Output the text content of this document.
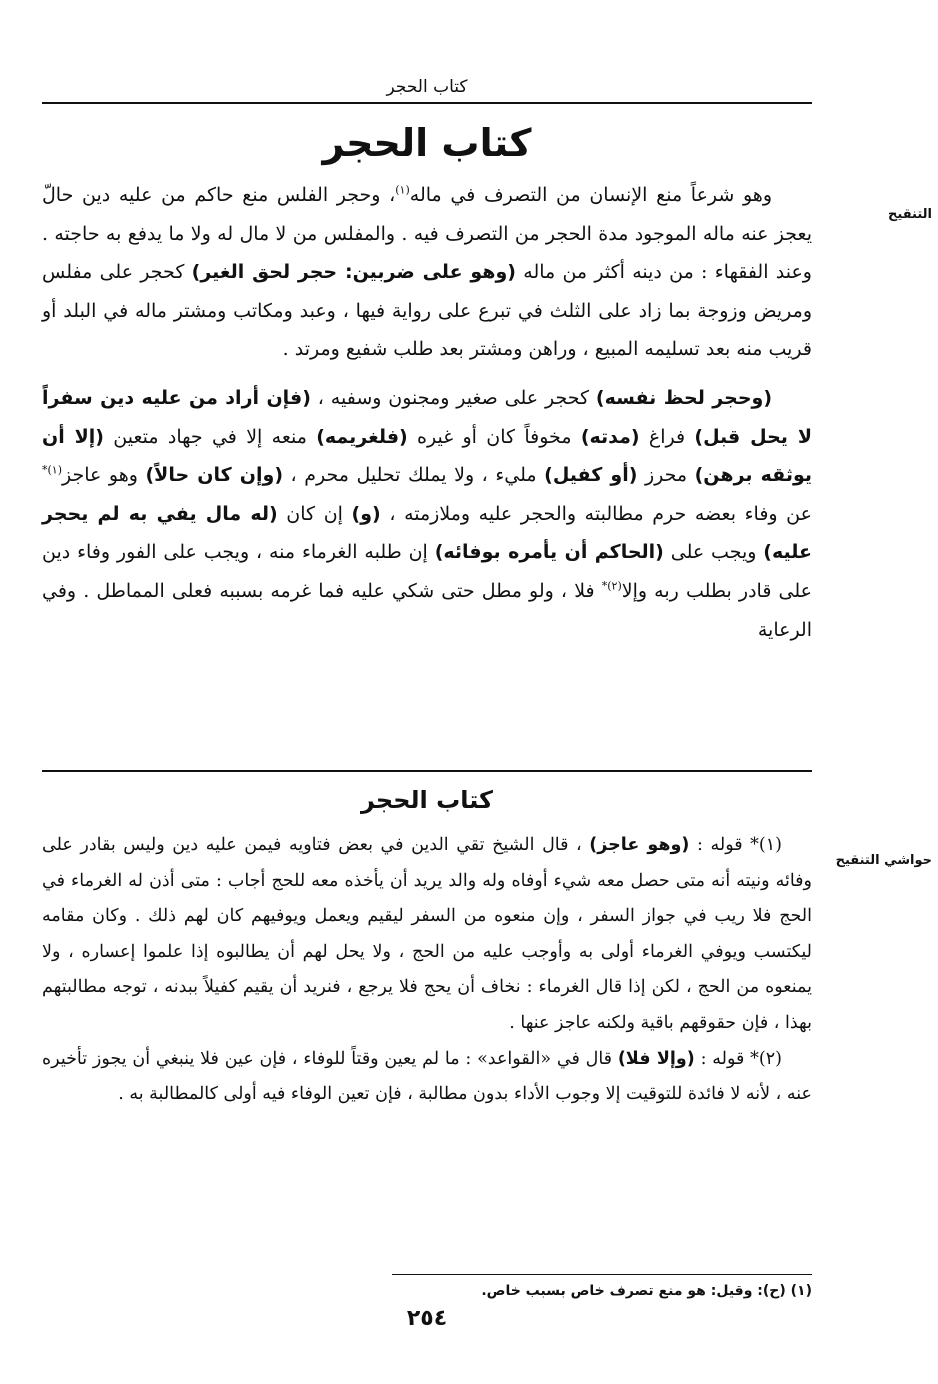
كتاب الحجر
كتاب الحجر
التنقيح

وهو شرعاً منع الإنسان من التصرف في ماله$^{(١)}$، وحجر الفلس منع حاكم من عليه دين حالّ يعجز عنه ماله الموجود مدة الحجر من التصرف فيه . والمفلس من لا مال له ولا ما يدفع به حاجته . وعند الفقهاء : من دينه أكثر من ماله (وهو على ضربين: حجر لحق الغير) كحجر على مفلس ومريض وزوجة بما زاد على الثلث في تبرع على رواية فيها ، وعبد ومكاتب ومشتر ماله في البلد أو قريب منه بعد تسليمه المبيع ، وراهن ومشتر بعد طلب شفيع ومرتد .

(وحجر لحظ نفسه) كحجر على صغير ومجنون وسفيه ، (فإن أراد من عليه دين سفراً لا يحل قبل) فراغ (مدته) مخوفاً كان أو غيره (فلغريمه) منعه إلا في جهاد متعين (إلا أن يوثقه برهن) محرز (أو كفيل) مليء ، ولا يملك تحليل محرم ، (وإن كان حالاً) وهو عاجز$^{(١)*}$ عن وفاء بعضه حرم مطالبته والحجر عليه وملازمته ، (و) إن كان (له مال يفي به لم يحجر عليه) ويجب على (الحاكم أن يأمره بوفائه) إن طلبه الغرماء منه ، ويجب على الفور وفاء دين على قادر بطلب ربه وإلا$^{(٢)*}$ فلا ، ولو مطل حتى شكي عليه فما غرمه بسببه فعلى المماطل . وفي الرعاية

كتاب الحجر
حواشي التنقيح

(١)* قوله : (وهو عاجز) ، قال الشيخ تقي الدين في بعض فتاويه فيمن عليه دين وليس بقادر على وفائه ونيته أنه متى حصل معه شيء أوفاه وله والد يريد أن يأخذه معه للحج أجاب : متى أذن له الغرماء في الحج فلا ريب في جواز السفر ، وإن منعوه من السفر ليقيم ويعمل ويوفيهم كان لهم ذلك . وكان مقامه ليكتسب ويوفي الغرماء أولى به وأوجب عليه من الحج ، ولا يحل لهم أن يطالبوه إذا علموا إعساره ، ولا يمنعوه من الحج ، لكن إذا قال الغرماء : نخاف أن يحج فلا يرجع ، فنريد أن يقيم كفيلاً ببدنه ، توجه مطالبتهم بهذا ، فإن حقوقهم باقية ولكنه عاجز عنها .

(٢)* قوله : (وإلا فلا) قال في «القواعد» : ما لم يعين وقتاً للوفاء ، فإن عين فلا ينبغي أن يجوز تأخيره عنه ، لأنه لا فائدة للتوقيت إلا وجوب الأداء بدون مطالبة ، فإن تعين الوفاء فيه أولى كالمطالبة به .

(١) (ح): وقيل: هو منع تصرف خاص بسبب خاص.
٢٥٤
